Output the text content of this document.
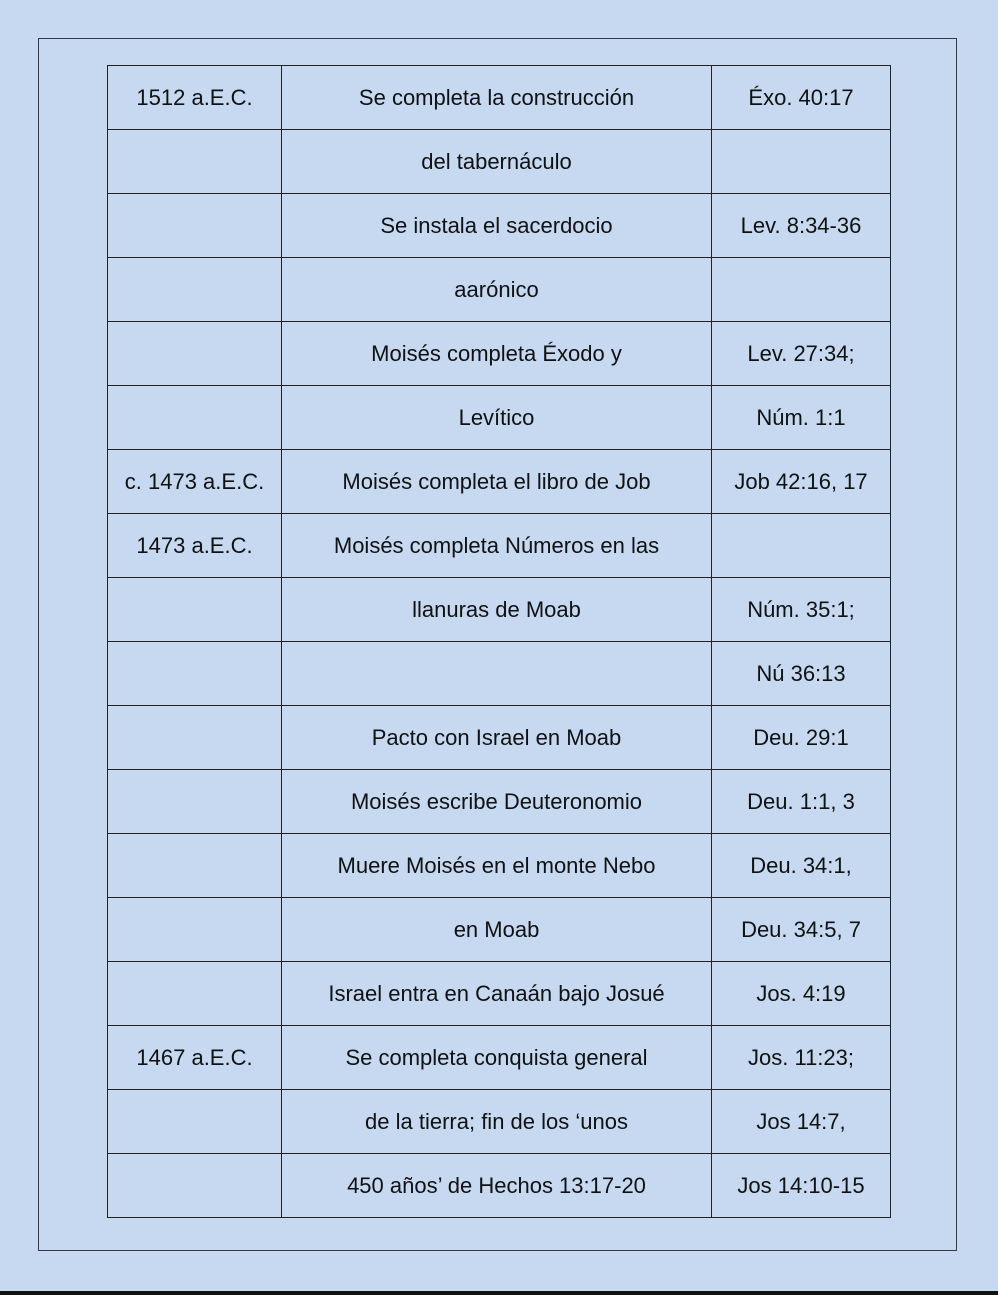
1512 a.E.C.	Se completa la construcción	Éxo. 40:17
	del tabernáculo	
	Se instala el sacerdocio	Lev. 8:34-36
	aarónico	
	Moisés completa Éxodo y	Lev. 27:34;
	Levítico	Núm. 1:1
c. 1473 a.E.C.	Moisés completa el libro de Job	Job 42:16, 17
1473 a.E.C.	Moisés completa Números en las	
	llanuras de Moab	Núm. 35:1;
		Nú 36:13
	Pacto con Israel en Moab	Deu. 29:1
	Moisés escribe Deuteronomio	Deu. 1:1, 3
	Muere Moisés en el monte Nebo	Deu. 34:1,
	en Moab	Deu. 34:5, 7
	Israel entra en Canaán bajo Josué	Jos. 4:19
1467 a.E.C.	Se completa conquista general	Jos. 11:23;
	de la tierra; fin de los ‘unos	Jos 14:7,
	450 años’ de Hechos 13:17-20	Jos 14:10-15
